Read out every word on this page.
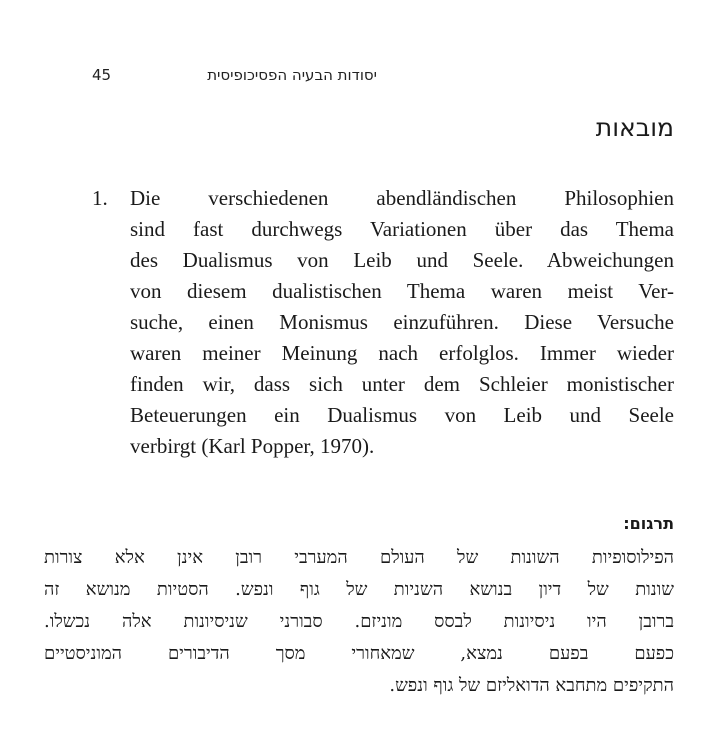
45	יסודות הבעיה הפסיכופיסית
מובאות
1. Die verschiedenen abendländischen Philosophien
sind fast durchwegs Variationen über das Thema
des Dualismus von Leib und Seele. Abweichungen
von diesem dualistischen Thema waren meist Ver-
suche, einen Monismus einzuführen. Diese Versuche
waren meiner Meinung nach erfolglos. Immer wieder
finden wir, dass sich unter dem Schleier monistischer
Beteuerungen ein Dualismus von Leib und Seele
verbirgt (Karl Popper, 1970).
תרגום:
הפילוסופיות השונות של העולם המערבי רובן אינן אלא צורות
שונות של דיון בנושא השניות של גוף ונפש. הסטיות מנושא זה
ברובן היו ניסיונות לבסס מוניזם. סבורני שניסיונות אלה נכשלו.
כפעם בפעם נמצא, שמאחורי מסך הדיבורים המוניסטיים
התקיפים מתחבא הדואליזם של גוף ונפש.
